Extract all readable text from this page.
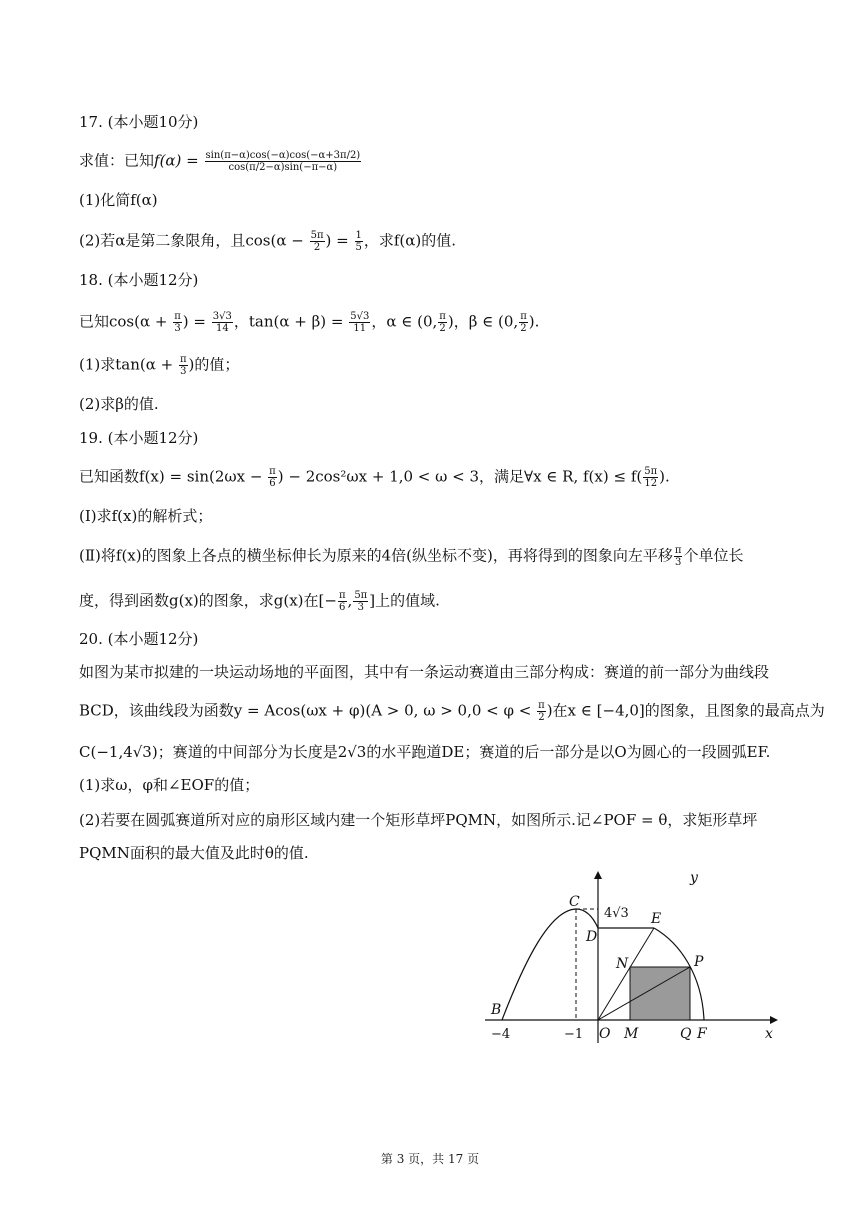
17. (本小题10分)
求值：已知$f(\alpha) = \frac{\sin(\pi-\alpha)\cos(-\alpha)\cos(-\alpha+3\pi/2)}{\cos(\pi/2-\alpha)\sin(-\pi-\alpha)}$
(1)化简f(α)
(2)若α是第二象限角，且$\cos(\alpha - \frac{5\pi}{2}$ ) = $\frac{1}{5}$ ，求f(α)的值.
18. (本小题12分)
已知$\cos(\alpha + \frac{\pi}{3}$ ) = $\frac{3√3}{14}$ ，$\tan(\alpha + \beta) = \frac{5√3}{11}$ ，α ∈ (0, $\frac{\pi}{2}$ )，β ∈ (0, $\frac{\pi}{2}$ ).
(1)求$\tan(\alpha + \frac{\pi}{3}$ )的值；
(2)求β的值.
19. (本小题12分)
已知函数$f(x) = \sin(2\omega x - \frac{\pi}{6}$ ) − 2cos²ωx + 1,0 < ω < 3，满足∀x ∈ R, $f(x) \le f( \frac{5\pi}{12}$ ).
(Ⅰ)求f(x)的解析式；
(Ⅱ)将f(x)的图象上各点的横坐标伸长为原来的4倍(纵坐标不变)，再将得到的图象向左平移 $\frac{\pi}{3}$ 个单位长
度，得到函数g(x)的图象，求g(x)在[− $\frac{\pi}{6}$ , $\frac{5\pi}{3}$ ]上的值域.
20. (本小题12分)
如图为某市拟建的一块运动场地的平面图，其中有一条运动赛道由三部分构成：赛道的前一部分为曲线段
BCD，该曲线段为函数y = Acos(ωx + φ)(A > 0, $\omega > 0,0 < \varphi < \frac{\pi}{2}$ )在x ∈ [−4,0]的图象，且图象的最高点为
C(−1,4√3)；赛道的中间部分为长度是2√3的水平跑道DE；赛道的后一部分是以O为圆心的一段圆弧EF.
(1)求ω，φ和∠EOF的值；
(2)若要在圆弧赛道所对应的扇形区域内建一个矩形草坪PQMN，如图所示.记∠POF = θ，求矩形草坪
PQMN面积的最大值及此时θ的值.
y
x
C
4√3
D
E
N	P
B
O M	Q F
−4	−1
第 3 页，共 17 页
